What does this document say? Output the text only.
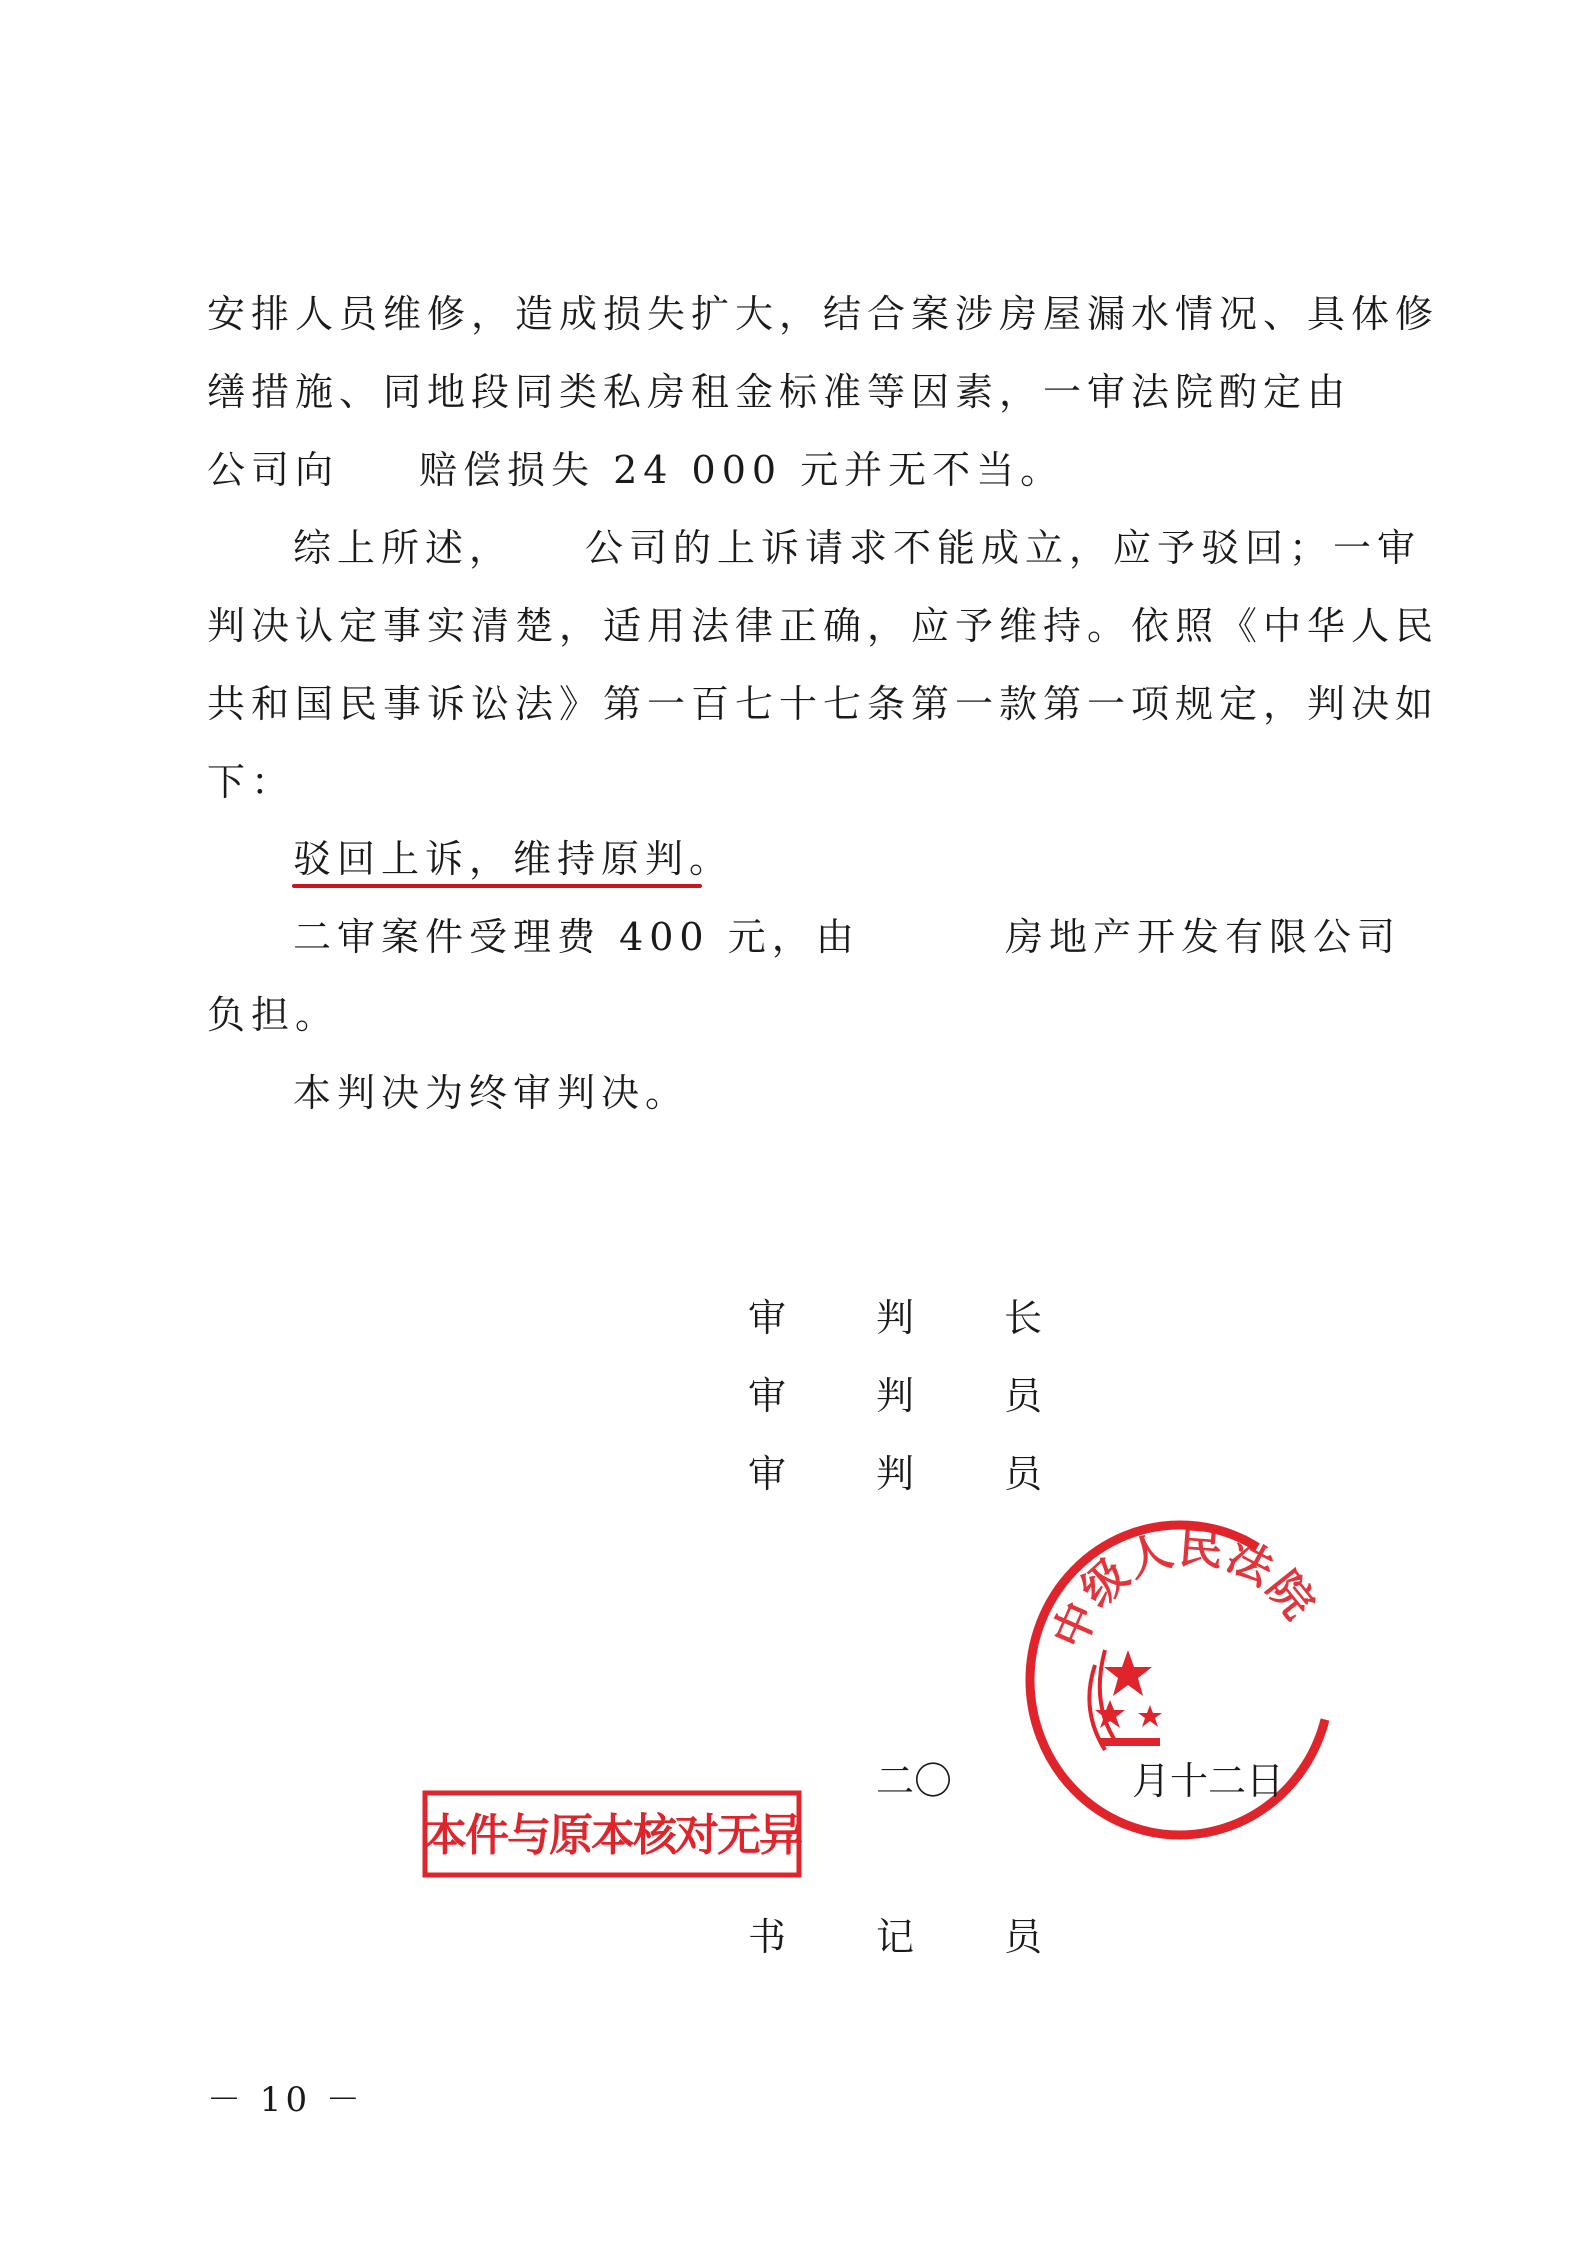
安排人员维修，造成损失扩大，结合案涉房屋漏水情况、具体修
缮措施、同地段同类私房租金标准等因素，一审法院酌定由
公司向 赔偿损失 24 000 元并无不当。
综上所述， 公司的上诉请求不能成立，应予驳回；一审
判决认定事实清楚，适用法律正确，应予维持。依照《中华人民
共和国民事诉讼法》第一百七十七条第一款第一项规定，判决如
下：
驳回上诉，维持原判。
二审案件受理费 400 元，由	房地产开发有限公司
负担。
本判决为终审判决。
审 判 长
审 判 员
审 判 员
中级人民法院
二〇	月十二日
本件与原本核对无异
书 记 员
－ 10 －
